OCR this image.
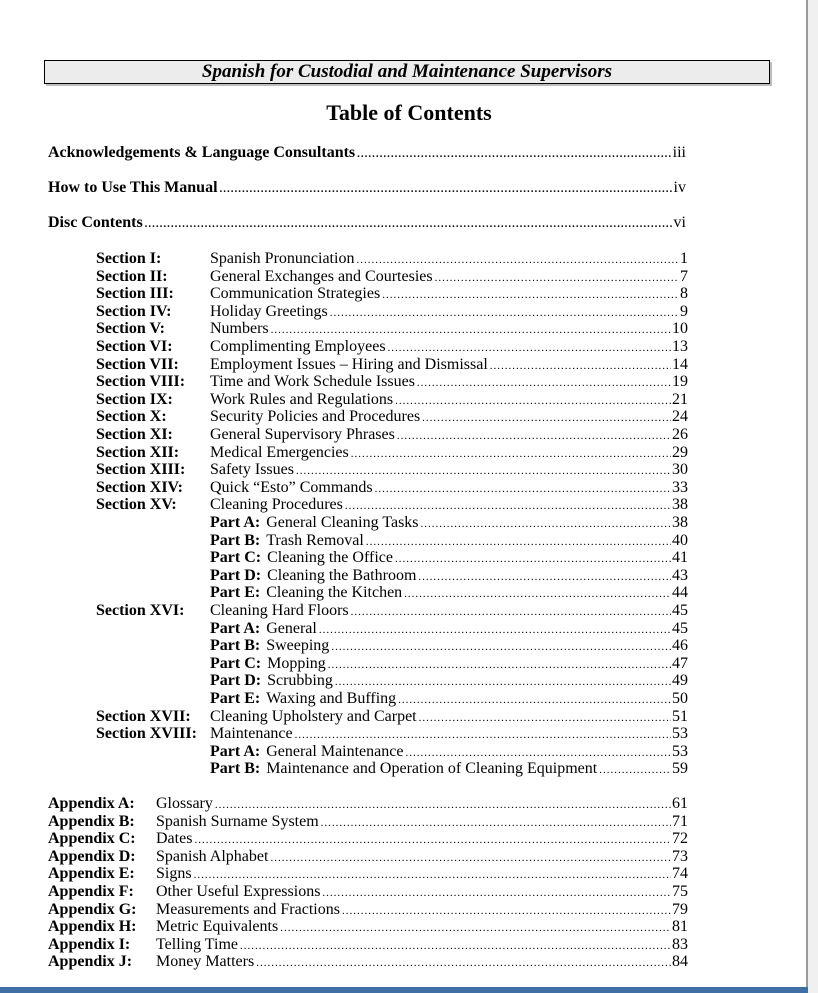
Spanish for Custodial and Maintenance Supervisors
Table of Contents
Acknowledgements & Language Consultants .....	iii
How to Use This Manual .....	iv
Disc Contents .....	vi
Section I:	Spanish Pronunciation .....	1
Section II:	General Exchanges and Courtesies .....	7
Section III:	Communication Strategies .....	8
Section IV:	Holiday Greetings .....	9
Section V:	Numbers .....	10
Section VI:	Complimenting Employees .....	13
Section VII:	Employment Issues – Hiring and Dismissal .....	14
Section VIII:	Time and Work Schedule Issues .....	19
Section IX:	Work Rules and Regulations .....	21
Section X:	Security Policies and Procedures .....	24
Section XI:	General Supervisory Phrases .....	26
Section XII:	Medical Emergencies .....	29
Section XIII:	Safety Issues .....	30
Section XIV:	Quick “Esto” Commands .....	33
Section XV:	Cleaning Procedures .....	38
Part A: General Cleaning Tasks .....	38
Part B: Trash Removal .....	40
Part C: Cleaning the Office .....	41
Part D: Cleaning the Bathroom .....	43
Part E: Cleaning the Kitchen .....	44
Section XVI:	Cleaning Hard Floors .....	45
Part A: General .....	45
Part B: Sweeping .....	46
Part C: Mopping .....	47
Part D: Scrubbing .....	49
Part E: Waxing and Buffing .....	50
Section XVII:	Cleaning Upholstery and Carpet .....	51
Section XVIII: Maintenance .....	53
Part A: General Maintenance .....	53
Part B: Maintenance and Operation of Cleaning Equipment .....	59
Appendix A:	Glossary .....	61
Appendix B:	Spanish Surname System .....	71
Appendix C:	Dates .....	72
Appendix D:	Spanish Alphabet .....	73
Appendix E:	Signs .....	74
Appendix F:	Other Useful Expressions .....	75
Appendix G:	Measurements and Fractions .....	79
Appendix H:	Metric Equivalents .....	81
Appendix I:	Telling Time .....	83
Appendix J:	Money Matters .....	84
